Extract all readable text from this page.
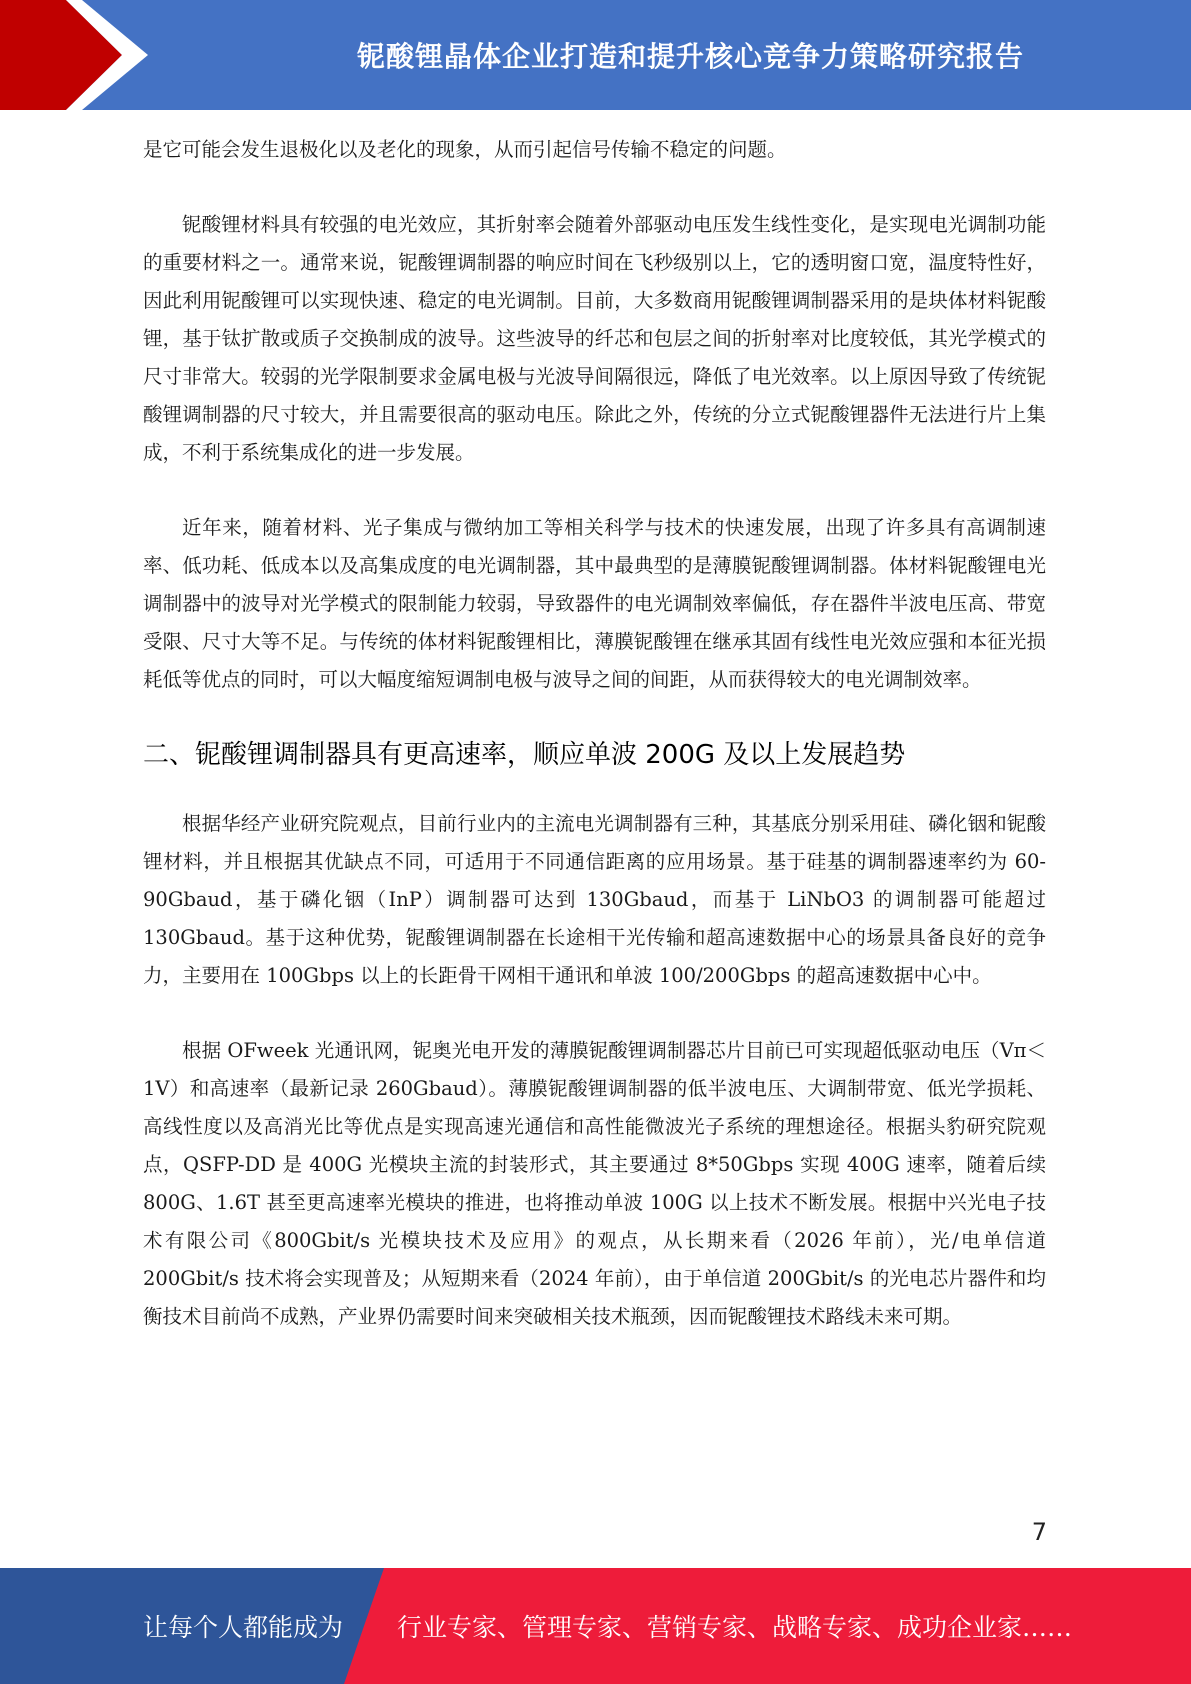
铌酸锂晶体企业打造和提升核心竞争力策略研究报告

是它可能会发生退极化以及老化的现象，从而引起信号传输不稳定的问题。

铌酸锂材料具有较强的电光效应，其折射率会随着外部驱动电压发生线性变化，是实现电光调制功能的重要材料之一。通常来说，铌酸锂调制器的响应时间在飞秒级别以上，它的透明窗口宽，温度特性好，因此利用铌酸锂可以实现快速、稳定的电光调制。目前，大多数商用铌酸锂调制器采用的是块体材料铌酸锂，基于钛扩散或质子交换制成的波导。这些波导的纤芯和包层之间的折射率对比度较低，其光学模式的尺寸非常大。较弱的光学限制要求金属电极与光波导间隔很远，降低了电光效率。以上原因导致了传统铌酸锂调制器的尺寸较大，并且需要很高的驱动电压。除此之外，传统的分立式铌酸锂器件无法进行片上集成，不利于系统集成化的进一步发展。

近年来，随着材料、光子集成与微纳加工等相关科学与技术的快速发展，出现了许多具有高调制速率、低功耗、低成本以及高集成度的电光调制器，其中最典型的是薄膜铌酸锂调制器。体材料铌酸锂电光调制器中的波导对光学模式的限制能力较弱，导致器件的电光调制效率偏低，存在器件半波电压高、带宽受限、尺寸大等不足。与传统的体材料铌酸锂相比，薄膜铌酸锂在继承其固有线性电光效应强和本征光损耗低等优点的同时，可以大幅度缩短调制电极与波导之间的间距，从而获得较大的电光调制效率。

二、铌酸锂调制器具有更高速率，顺应单波 200G 及以上发展趋势

根据华经产业研究院观点，目前行业内的主流电光调制器有三种，其基底分别采用硅、磷化铟和铌酸锂材料，并且根据其优缺点不同，可适用于不同通信距离的应用场景。基于硅基的调制器速率约为 60-90Gbaud，基于磷化铟（InP）调制器可达到 130Gbaud，而基于 LiNbO3 的调制器可能超过 130Gbaud。基于这种优势，铌酸锂调制器在长途相干光传输和超高速数据中心的场景具备良好的竞争力，主要用在 100Gbps 以上的长距骨干网相干通讯和单波 100/200Gbps 的超高速数据中心中。

根据 OFweek 光通讯网，铌奥光电开发的薄膜铌酸锂调制器芯片目前已可实现超低驱动电压（Vπ＜1V）和高速率（最新记录 260Gbaud）。薄膜铌酸锂调制器的低半波电压、大调制带宽、低光学损耗、高线性度以及高消光比等优点是实现高速光通信和高性能微波光子系统的理想途径。根据头豹研究院观点，QSFP-DD 是 400G 光模块主流的封装形式，其主要通过 8*50Gbps 实现 400G 速率，随着后续 800G、1.6T 甚至更高速率光模块的推进，也将推动单波 100G 以上技术不断发展。根据中兴光电子技术有限公司《800Gbit/s 光模块技术及应用》的观点，从长期来看（2026 年前），光/电单信道 200Gbit/s 技术将会实现普及；从短期来看（2024 年前），由于单信道 200Gbit/s 的光电芯片器件和均衡技术目前尚不成熟，产业界仍需要时间来突破相关技术瓶颈，因而铌酸锂技术路线未来可期。

7
让每个人都能成为 行业专家、管理专家、营销专家、战略专家、成功企业家……
